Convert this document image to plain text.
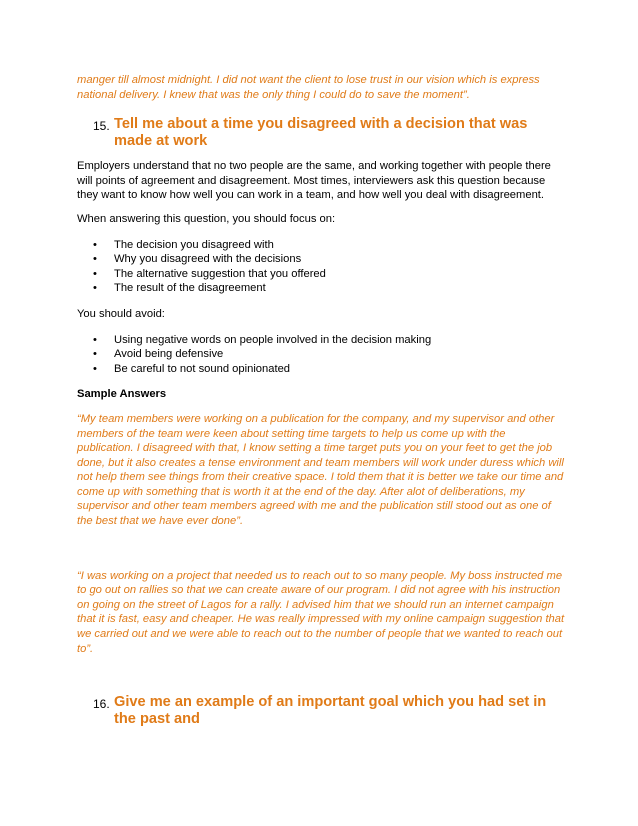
manger till almost midnight. I did not want the client to lose trust in our vision which is express national delivery. I knew that was the only thing I could do to save the moment”.

15. Tell me about a time you disagreed with a decision that was made at work

Employers understand that no two people are the same, and working together with people there will points of agreement and disagreement. Most times, interviewers ask this question because they want to know how well you can work in a team, and how well you deal with disagreement.

When answering this question, you should focus on:

• The decision you disagreed with
• Why you disagreed with the decisions
• The alternative suggestion that you offered
• The result of the disagreement

You should avoid:

• Using negative words on people involved in the decision making
• Avoid being defensive
• Be careful to not sound opinionated

Sample Answers

“My team members were working on a publication for the company, and my supervisor and other members of the team were keen about setting time targets to help us come up with the publication. I disagreed with that, I know setting a time target puts you on your feet to get the job done, but it also creates a tense environment and team members will work under duress which will not help them see things from their creative space. I told them that it is better we take our time and come up with something that is worth it at the end of the day. After alot of deliberations, my supervisor and other team members agreed with me and the publication still stood out as one of the best that we have ever done”.

“I was working on a project that needed us to reach out to so many people. My boss instructed me to go out on rallies so that we can create aware of our program. I did not agree with his instruction on going on the street of Lagos for a rally. I advised him that we should run an internet campaign that it is fast, easy and cheaper. He was really impressed with my online campaign suggestion that we carried out and we were able to reach out to the number of people that we wanted to reach out to”.

16. Give me an example of an important goal which you had set in the past and
